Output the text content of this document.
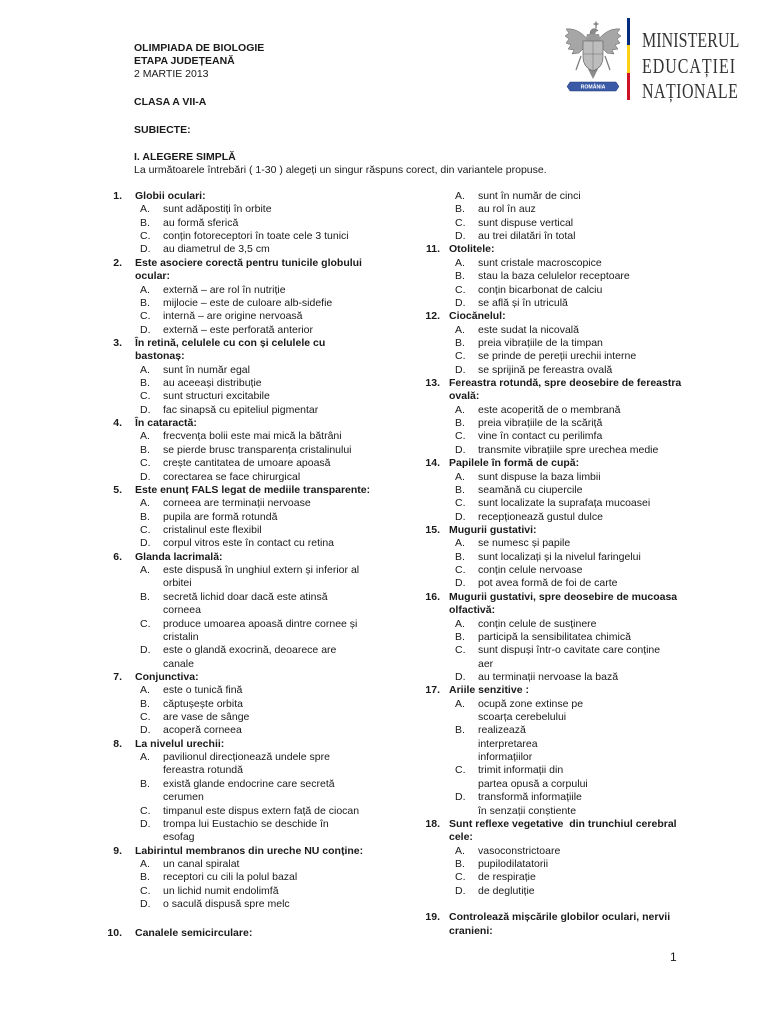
OLIMPIADA DE BIOLOGIE
ETAPA JUDEȚEANĂ
2 MARTIE 2013
CLASA A VII-A
SUBIECTE:
I. ALEGERE SIMPLĂ
La următoarele întrebări ( 1-30 ) alegeți un singur răspuns corect, din variantele propuse.
ROMÂNIA
MINISTERUL
EDUCAȚIEI
NAȚIONALE
1. Globii oculari:
A. sunt adăpostiți în orbite
B. au formă sferică
C. conțin fotoreceptori în toate cele 3 tunici
D. au diametrul de 3,5 cm
2. Este asociere corectă pentru tunicile globului
ocular:
A. externă – are rol în nutriție
B. mijlocie – este de culoare alb-sidefie
C. internă – are origine nervoasă
D. externă – este perforată anterior
3. În retină, celulele cu con și celulele cu
bastonaș:
A. sunt în număr egal
B. au aceeași distribuție
C. sunt structuri excitabile
D. fac sinapsă cu epiteliul pigmentar
4. În cataractă:
A. frecvența bolii este mai mică la bătrâni
B. se pierde brusc transparența cristalinului
C. crește cantitatea de umoare apoasă
D. corectarea se face chirurgical
5. Este enunț FALS legat de mediile transparente:
A. corneea are terminații nervoase
B. pupila are formă rotundă
C. cristalinul este flexibil
D. corpul vitros este în contact cu retina
6. Glanda lacrimală:
A. este dispusă în unghiul extern și inferior al
orbitei
B. secretă lichid doar dacă este atinsă
corneea
C. produce umoarea apoasă dintre cornee și
cristalin
D. este o glandă exocrină, deoarece are
canale
7. Conjunctiva:
A. este o tunică fină
B. căptușește orbita
C. are vase de sânge
D. acoperă corneea
8. La nivelul urechii:
A. pavilionul direcționează undele spre
fereastra rotundă
B. există glande endocrine care secretă
cerumen
C. timpanul este dispus extern față de ciocan
D. trompa lui Eustachio se deschide în
esofag
9. Labirintul membranos din ureche NU conține:
A. un canal spiralat
B. receptori cu cili la polul bazal
C. un lichid numit endolimfă
D. o saculă dispusă spre melc
10. Canalele semicirculare:
A. sunt în număr de cinci
B. au rol în auz
C. sunt dispuse vertical
D. au trei dilatări în total
11. Otolitele:
A. sunt cristale macroscopice
B. stau la baza celulelor receptoare
C. conțin bicarbonat de calciu
D. se află și în utriculă
12. Ciocănelul:
A. este sudat la nicovală
B. preia vibrațiile de la timpan
C. se prinde de pereții urechii interne
D. se sprijină pe fereastra ovală
13. Fereastra rotundă, spre deosebire de fereastra
ovală:
A. este acoperită de o membrană
B. preia vibrațiile de la scăriță
C. vine în contact cu perilimfa
D. transmite vibrațiile spre urechea medie
14. Papilele în formă de cupă:
A. sunt dispuse la baza limbii
B. seamănă cu ciupercile
C. sunt localizate la suprafața mucoasei
D. recepționează gustul dulce
15. Mugurii gustativi:
A. se numesc și papile
B. sunt localizați și la nivelul faringelui
C. conțin celule nervoase
D. pot avea formă de foi de carte
16. Mugurii gustativi, spre deosebire de mucoasa
olfactivă:
A. conțin celule de susținere
B. participă la sensibilitatea chimică
C. sunt dispuși într-o cavitate care conține
aer
D. au terminații nervoase la bază
17. Ariile senzitive :
A. ocupă zone extinse pe
scoarța cerebelului
B. realizează
interpretarea
informațiilor
C. trimit informații din
partea opusă a corpului
D. transformă informațiile
în senzații conștiente
18. Sunt reflexe vegetative  din trunchiul cerebral
cele:
A. vasoconstrictoare
B. pupilodilatatorii
C. de respirație
D. de deglutiție
19. Controlează mișcările globilor oculari, nervii
cranieni:
1
